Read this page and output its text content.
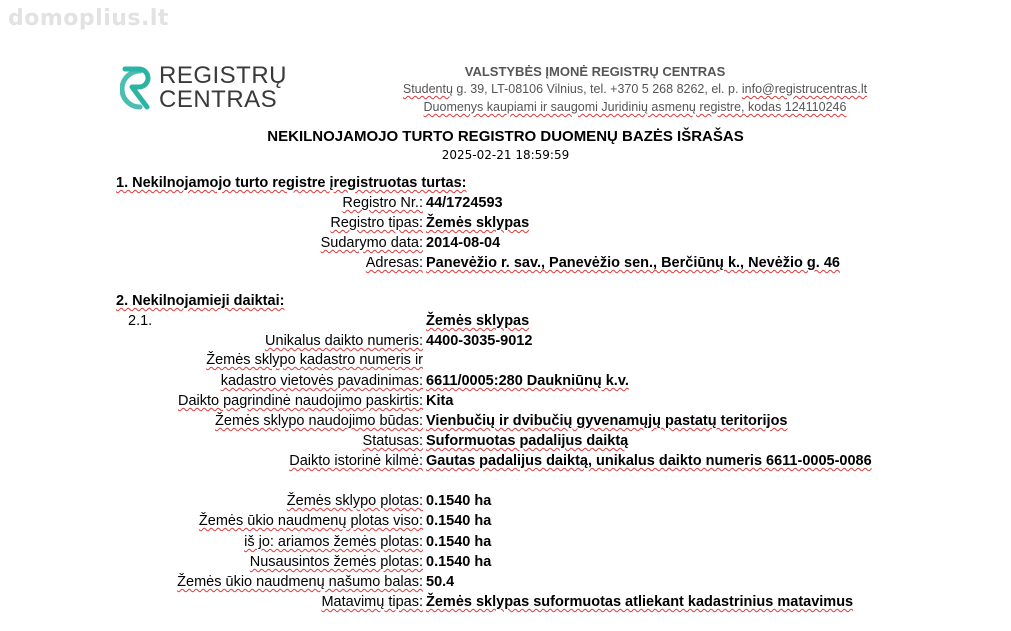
domoplius.lt
REGISTRŲ
CENTRAS
VALSTYBĖS ĮMONĖ REGISTRŲ CENTRAS
Studentų g. 39, LT-08106 Vilnius, tel. +370 5 268 8262, el. p. info@registrucentras.lt
Duomenys kaupiami ir saugomi Juridinių asmenų registre, kodas 124110246
NEKILNOJAMOJO TURTO REGISTRO DUOMENŲ BAZĖS IŠRAŠAS
2025-02-21 18:59:59
1. Nekilnojamojo turto registre įregistruotas turtas:
Registro Nr.: 44/1724593
Registro tipas: Žemės sklypas
Sudarymo data: 2014-08-04
Adresas: Panevėžio r. sav., Panevėžio sen., Berčiūnų k., Nevėžio g. 46
2. Nekilnojamieji daiktai:
2.1.	Žemės sklypas
Unikalus daikto numeris: 4400-3035-9012
Žemės sklypo kadastro numeris ir
kadastro vietovės pavadinimas: 6611/0005:280 Daukniūnų k.v.
Daikto pagrindinė naudojimo paskirtis: Kita
Žemės sklypo naudojimo būdas: Vienbučių ir dvibučių gyvenamųjų pastatų teritorijos
Statusas: Suformuotas padalijus daiktą
Daikto istorinė kilmė: Gautas padalijus daiktą, unikalus daikto numeris 6611-0005-0086
Žemės sklypo plotas: 0.1540 ha
Žemės ūkio naudmenų plotas viso: 0.1540 ha
iš jo: ariamos žemės plotas: 0.1540 ha
Nusausintos žemės plotas: 0.1540 ha
Žemės ūkio naudmenų našumo balas: 50.4
Matavimų tipas: Žemės sklypas suformuotas atliekant kadastrinius matavimus
